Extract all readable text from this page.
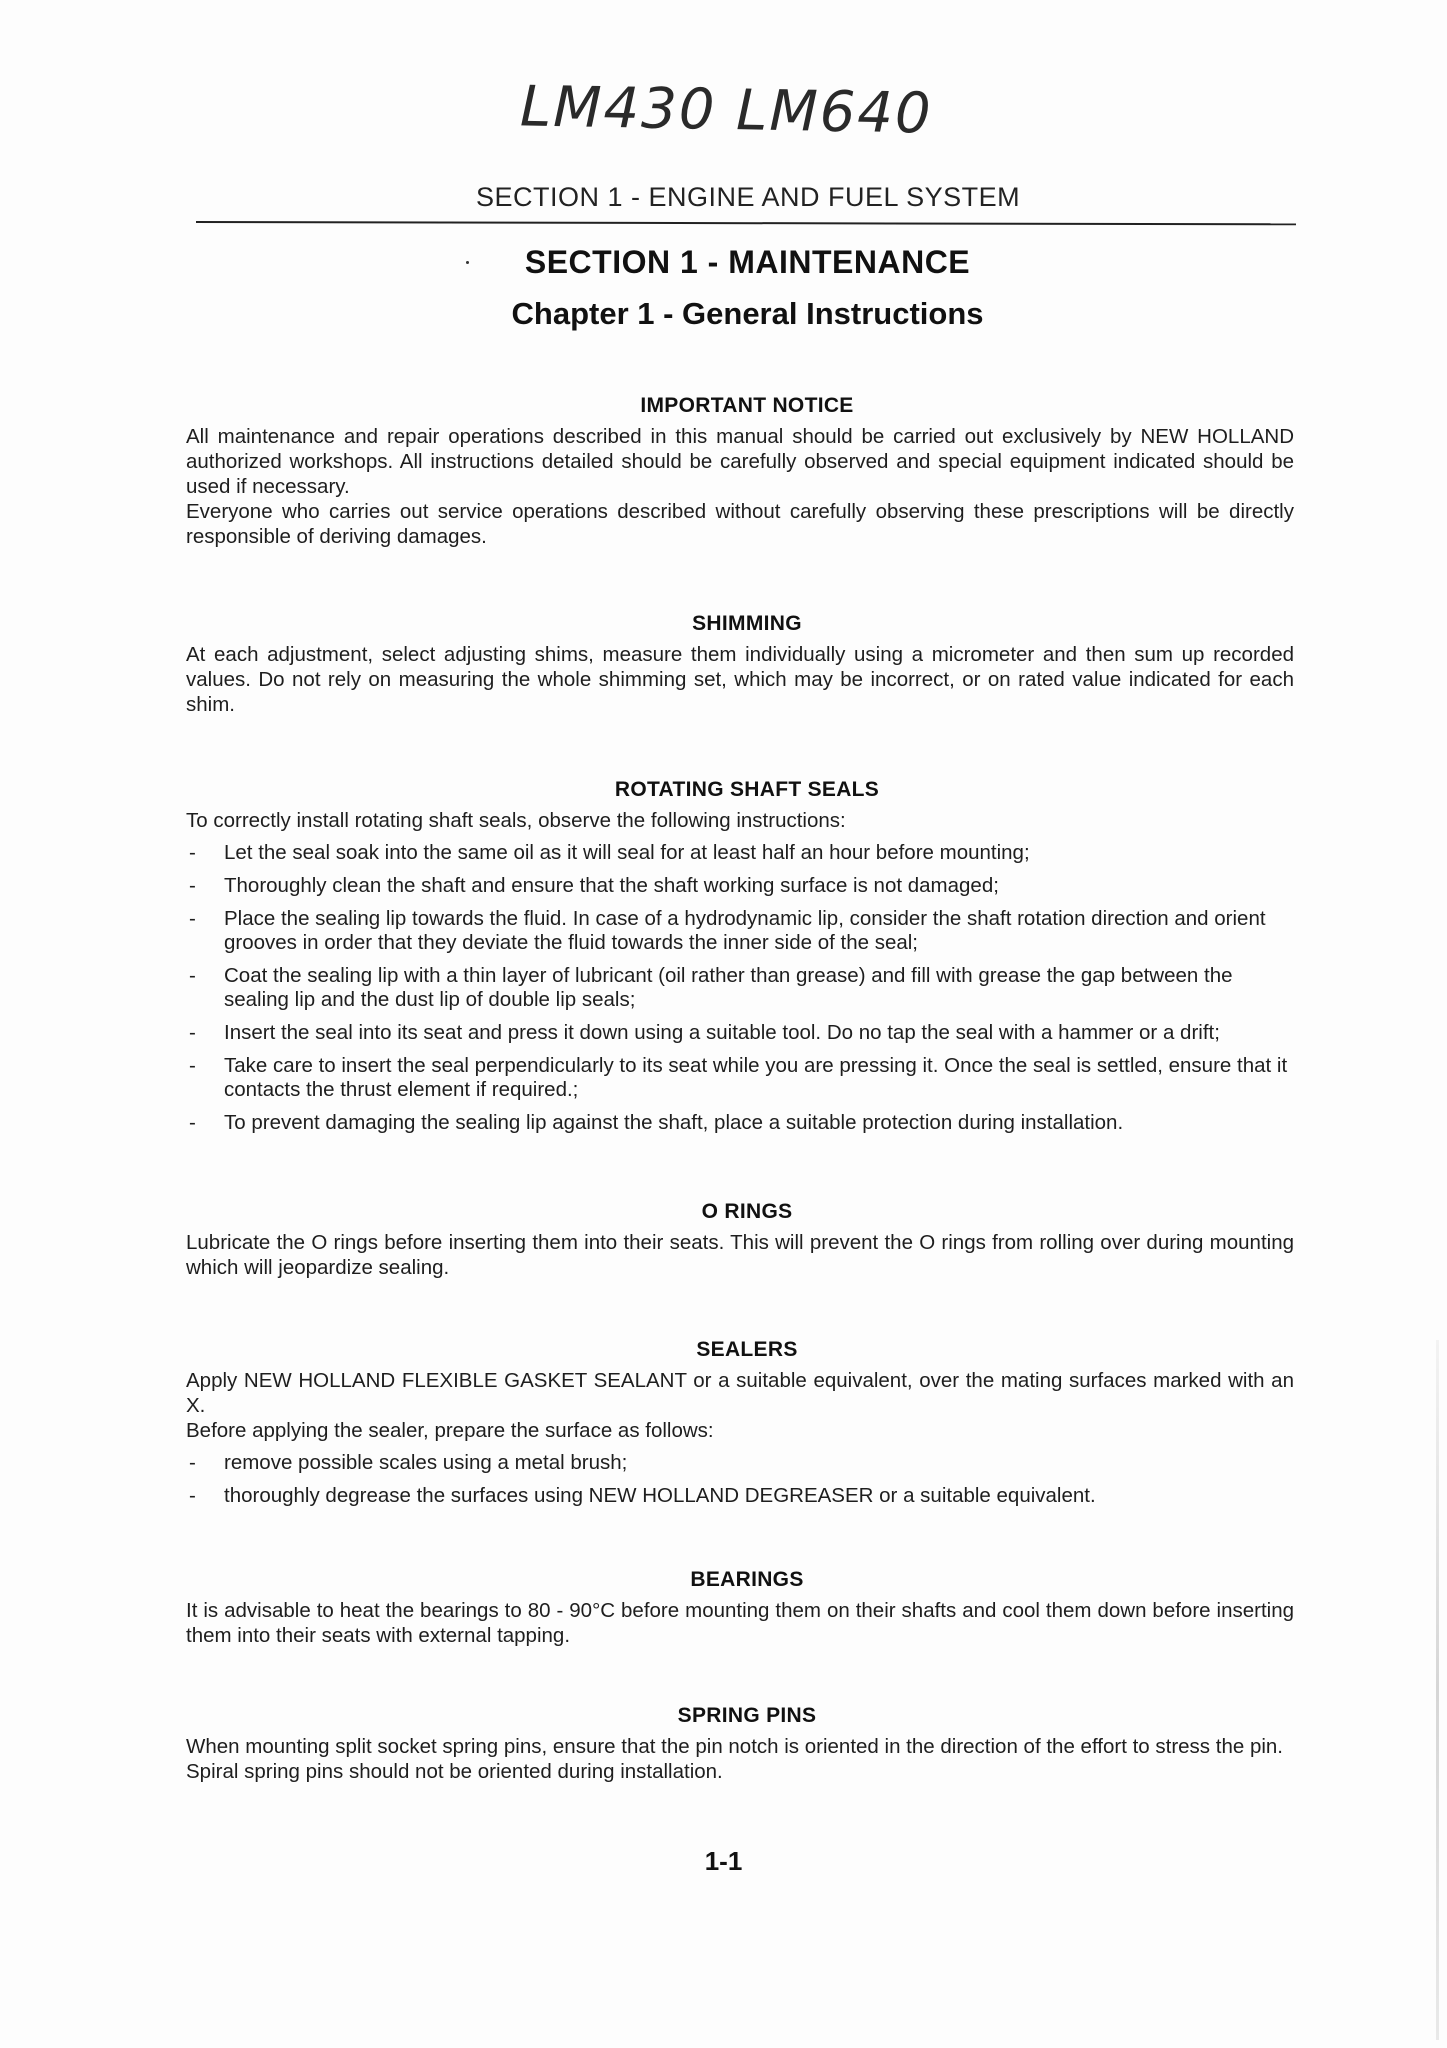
LM430 LM640
SECTION 1 - ENGINE AND FUEL SYSTEM
SECTION 1 - MAINTENANCE
Chapter 1 - General Instructions
IMPORTANT NOTICE

All maintenance and repair operations described in this manual should be carried out exclusively by NEW HOLLAND authorized workshops. All instructions detailed should be carefully observed and special equipment indicated should be used if necessary.

Everyone who carries out service operations described without carefully observing these prescriptions will be directly responsible of deriving damages.

SHIMMING

At each adjustment, select adjusting shims, measure them individually using a micrometer and then sum up recorded values. Do not rely on measuring the whole shimming set, which may be incorrect, or on rated value indicated for each shim.

ROTATING SHAFT SEALS

To correctly install rotating shaft seals, observe the following instructions:

- Let the seal soak into the same oil as it will seal for at least half an hour before mounting;
- Thoroughly clean the shaft and ensure that the shaft working surface is not damaged;
- Place the sealing lip towards the fluid. In case of a hydrodynamic lip, consider the shaft rotation direction and orient grooves in order that they deviate the fluid towards the inner side of the seal;
- Coat the sealing lip with a thin layer of lubricant (oil rather than grease) and fill with grease the gap between the sealing lip and the dust lip of double lip seals;
- Insert the seal into its seat and press it down using a suitable tool. Do no tap the seal with a hammer or a drift;
- Take care to insert the seal perpendicularly to its seat while you are pressing it. Once the seal is settled, ensure that it contacts the thrust element if required.;
- To prevent damaging the sealing lip against the shaft, place a suitable protection during installation.
O RINGS

Lubricate the O rings before inserting them into their seats. This will prevent the O rings from rolling over during mounting which will jeopardize sealing.

SEALERS

Apply NEW HOLLAND FLEXIBLE GASKET SEALANT or a suitable equivalent, over the mating surfaces marked with an X.

Before applying the sealer, prepare the surface as follows:

- remove possible scales using a metal brush;
- thoroughly degrease the surfaces using NEW HOLLAND DEGREASER or a suitable equivalent.
BEARINGS

It is advisable to heat the bearings to 80 - 90°C before mounting them on their shafts and cool them down before inserting them into their seats with external tapping.

SPRING PINS

When mounting split socket spring pins, ensure that the pin notch is oriented in the direction of the effort to stress the pin.

Spiral spring pins should not be oriented during installation.

1-1
